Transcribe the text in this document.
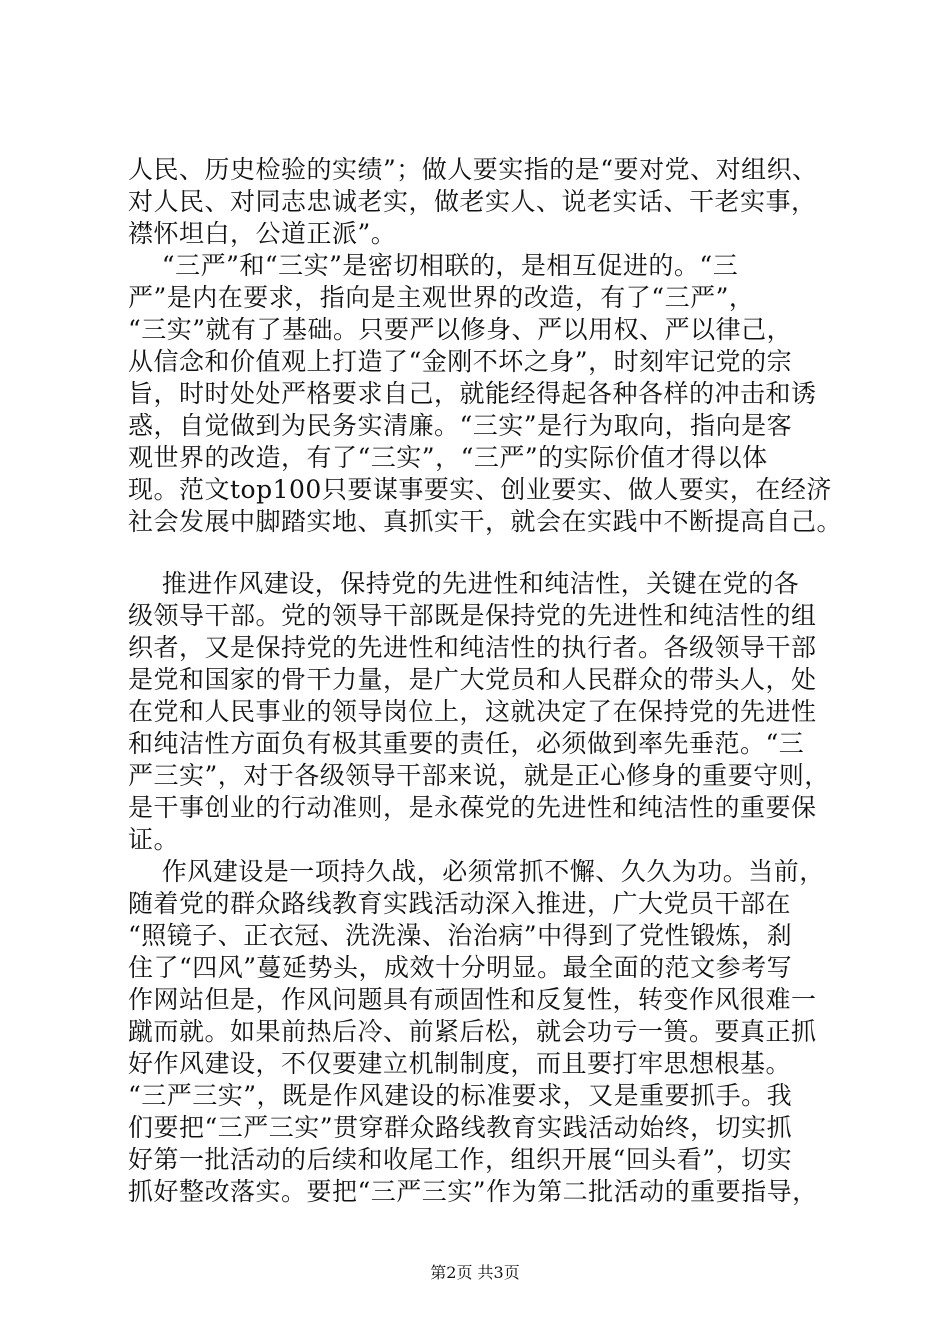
人民、历史检验的实绩”；做人要实指的是“要对党、对组织、
对人民、对同志忠诚老实，做老实人、说老实话、干老实事，
襟怀坦白，公道正派”。
“三严”和“三实”是密切相联的，是相互促进的。“三
严”是内在要求，指向是主观世界的改造，有了“三严”，
“三实”就有了基础。只要严以修身、严以用权、严以律己，
从信念和价值观上打造了“金刚不坏之身”，时刻牢记党的宗
旨，时时处处严格要求自己，就能经得起各种各样的冲击和诱
惑，自觉做到为民务实清廉。“三实”是行为取向，指向是客
观世界的改造，有了“三实”，“三严”的实际价值才得以体
现。范文top100只要谋事要实、创业要实、做人要实，在经济
社会发展中脚踏实地、真抓实干，就会在实践中不断提高自己。
推进作风建设，保持党的先进性和纯洁性，关键在党的各
级领导干部。党的领导干部既是保持党的先进性和纯洁性的组
织者，又是保持党的先进性和纯洁性的执行者。各级领导干部
是党和国家的骨干力量，是广大党员和人民群众的带头人，处
在党和人民事业的领导岗位上，这就决定了在保持党的先进性
和纯洁性方面负有极其重要的责任，必须做到率先垂范。“三
严三实”，对于各级领导干部来说，就是正心修身的重要守则，
是干事创业的行动准则，是永葆党的先进性和纯洁性的重要保
证。
作风建设是一项持久战，必须常抓不懈、久久为功。当前，
随着党的群众路线教育实践活动深入推进，广大党员干部在
“照镜子、正衣冠、洗洗澡、治治病”中得到了党性锻炼，刹
住了“四风”蔓延势头，成效十分明显。最全面的范文参考写
作网站但是，作风问题具有顽固性和反复性，转变作风很难一
蹴而就。如果前热后冷、前紧后松，就会功亏一篑。要真正抓
好作风建设，不仅要建立机制制度，而且要打牢思想根基。
“三严三实”，既是作风建设的标准要求，又是重要抓手。我
们要把“三严三实”贯穿群众路线教育实践活动始终，切实抓
好第一批活动的后续和收尾工作，组织开展“回头看”，切实
抓好整改落实。要把“三严三实”作为第二批活动的重要指导，
第2页 共3页
